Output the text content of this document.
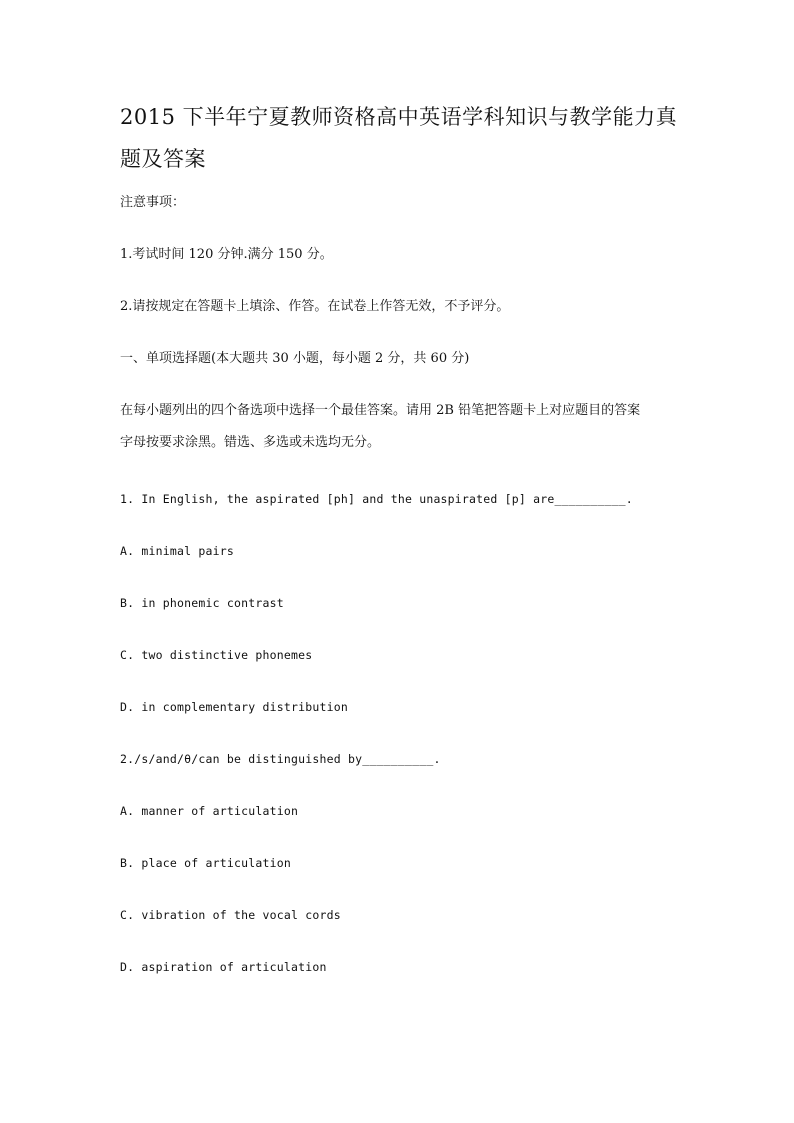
2015 下半年宁夏教师资格高中英语学科知识与教学能力真
题及答案

注意事项：

1.考试时间 120 分钟.满分 150 分。

2.请按规定在答题卡上填涂、作答。在试卷上作答无效，不予评分。

一、单项选择题(本大题共 30 小题，每小题 2 分，共 60 分)

在每小题列出的四个备选项中选择一个最佳答案。请用 2B 铅笔把答题卡上对应题目的答案

字母按要求涂黑。错选、多选或未选均无分。

1. In English, the aspirated [ph] and the unaspirated [p] are__________.

A. minimal pairs

B. in phonemic contrast

C. two distinctive phonemes

D. in complementary distribution

2./s/and/θ/can be distinguished by__________.

A. manner of articulation

B. place of articulation

C. vibration of the vocal cords

D. aspiration of articulation
